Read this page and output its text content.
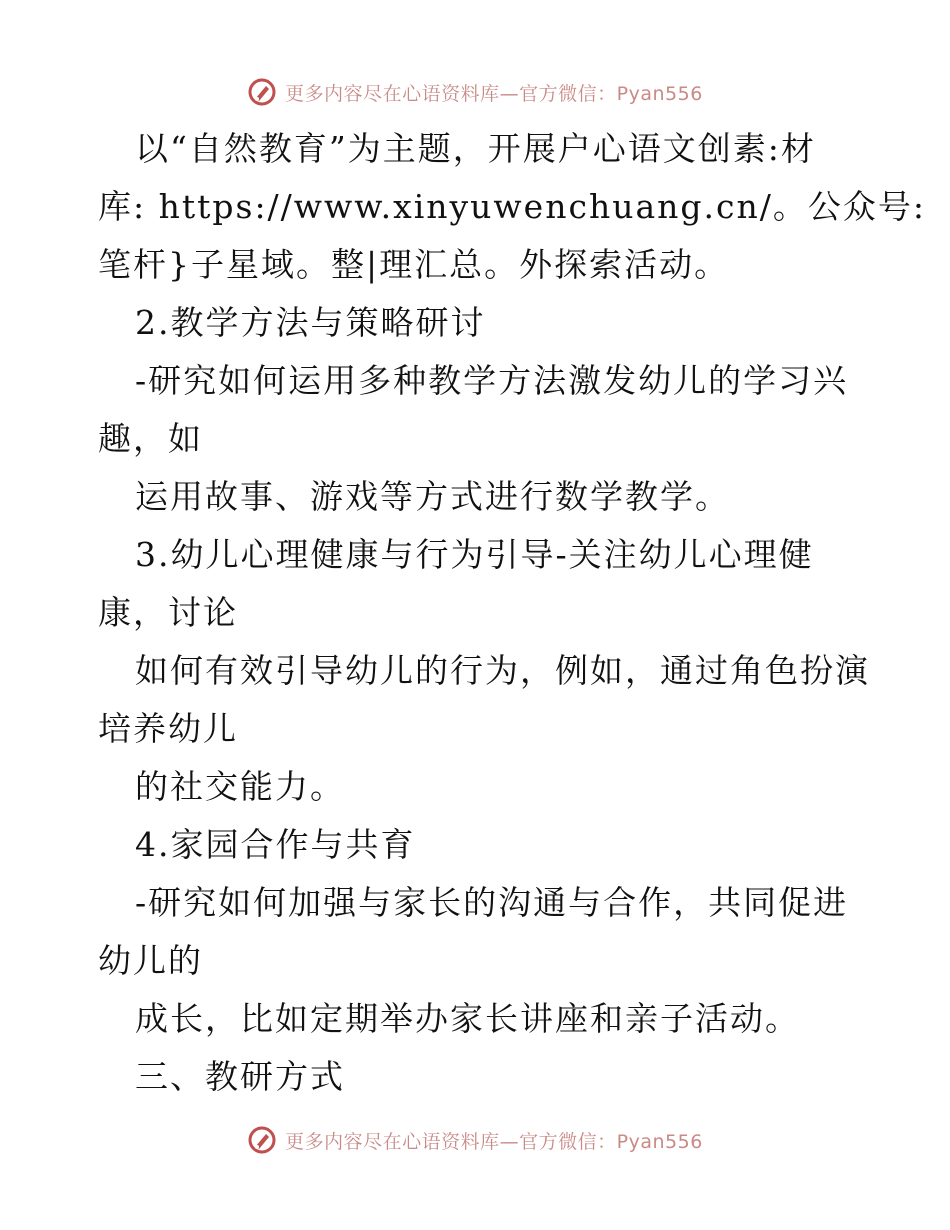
更多内容尽在心语资料库—官方微信：Pyan556
以“自然教育”为主题，开展户心语文创素:材
库: https://www.xinyuwenchuang.cn/。公众号:
笔杆}子星域。整|理汇总。外探索活动。
2.教学方法与策略研讨
-研究如何运用多种教学方法激发幼儿的学习兴
趣，如
运用故事、游戏等方式进行数学教学。
3.幼儿心理健康与行为引导-关注幼儿心理健
康，讨论
如何有效引导幼儿的行为，例如，通过角色扮演
培养幼儿
的社交能力。
4.家园合作与共育
-研究如何加强与家长的沟通与合作，共同促进
幼儿的
成长，比如定期举办家长讲座和亲子活动。
三、教研方式
更多内容尽在心语资料库—官方微信：Pyan556
